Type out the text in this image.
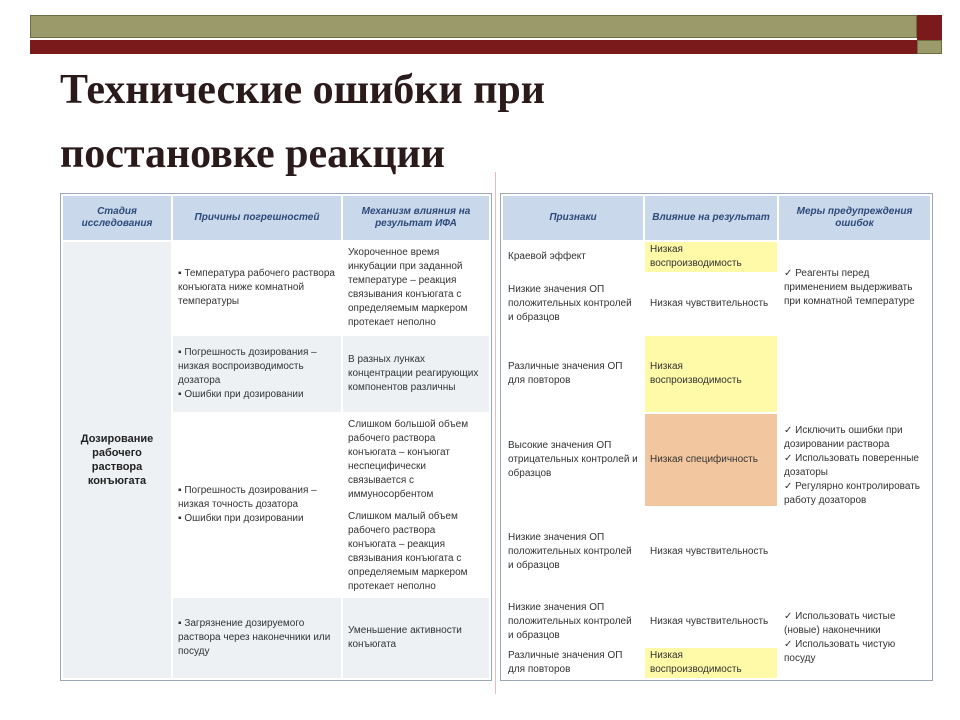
Технические ошибки при
постановке реакции
Стадия исследования
Причины погрешностей
Механизм влияния на результат ИФА
Дозирование рабочего раствора конъюгата
▪ Температура рабочего раствора конъюгата ниже комнатной температуры
▪ Погрешность дозирования – низкая воспроизводимость дозатора
▪ Ошибки при дозировании
▪ Погрешность дозирования – низкая точность дозатора
▪ Ошибки при дозировании
▪ Загрязнение дозируемого раствора через наконечники или посуду
Укороченное время инкубации при заданной температуре – реакция связывания конъюгата с определяемым маркером протекает неполно
В разных лунках концентрации реагирующих компонентов различны
Слишком большой объем рабочего раствора конъюгата – конъюгат неспецифически связывается с иммуносорбентом
Слишком малый объем рабочего раствора конъюгата – реакция связывания конъюгата с определяемым маркером протекает неполно
Уменьшение активности конъюгата
Признаки	Влияние на результат
Меры предупреждения ошибок
Краевой эффект
Низкие значения ОП положительных контролей и образцов
Различные значения ОП для повторов
Высокие значения ОП отрицательных контролей и образцов
Низкие значения ОП положительных контролей и образцов
Низкие значения ОП положительных контролей и образцов
Различные значения ОП для повторов
Низкая воспроизводимость
Низкая чувствительность
Низкая воспроизводимость
Низкая специфичность
Низкая чувствительность
Низкая чувствительность
Низкая воспроизводимость
✓ Реагенты перед применением выдерживать при комнатной температуре
✓ Исключить ошибки при дозировании раствора
✓ Использовать поверенные дозаторы
✓ Регулярно контролировать работу дозаторов
✓ Использовать чистые (новые) наконечники
✓ Использовать чистую посуду
